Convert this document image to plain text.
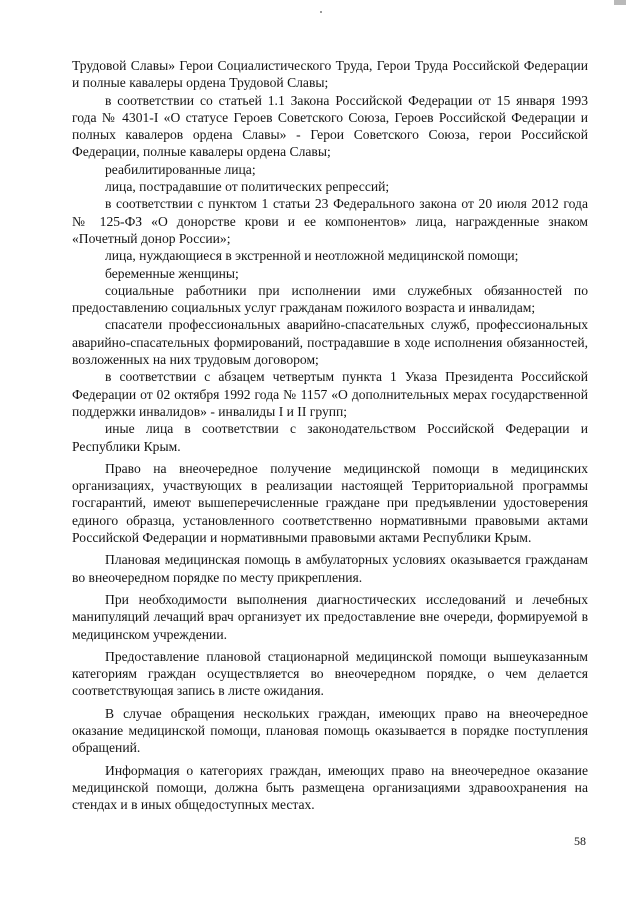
Трудовой Славы» Герои Социалистического Труда, Герои Труда Российской Федерации и полные кавалеры ордена Трудовой Славы;

в соответствии со статьей 1.1 Закона Российской Федерации от 15 января 1993 года № 4301-I «О статусе Героев Советского Союза, Героев Российской Федерации и полных кавалеров ордена Славы» - Герои Советского Союза, герои Российской Федерации, полные кавалеры ордена Славы;

реабилитированные лица;

лица, пострадавшие от политических репрессий;

в соответствии с пунктом 1 статьи 23 Федерального закона от 20 июля 2012 года № 125-ФЗ «О донорстве крови и ее компонентов» лица, награжденные знаком «Почетный донор России»;

лица, нуждающиеся в экстренной и неотложной медицинской помощи;

беременные женщины;

социальные работники при исполнении ими служебных обязанностей по предоставлению социальных услуг гражданам пожилого возраста и инвалидам;

спасатели профессиональных аварийно-спасательных служб, профессиональных аварийно-спасательных формирований, пострадавшие в ходе исполнения обязанностей, возложенных на них трудовым договором;

в соответствии с абзацем четвертым пункта 1 Указа Президента Российской Федерации от 02 октября 1992 года № 1157 «О дополнительных мерах государственной поддержки инвалидов» - инвалиды I и II групп;

иные лица в соответствии с законодательством Российской Федерации и Республики Крым.

Право на внеочередное получение медицинской помощи в медицинских организациях, участвующих в реализации настоящей Территориальной программы госгарантий, имеют вышеперечисленные граждане при предъявлении удостоверения единого образца, установленного соответственно нормативными правовыми актами Российской Федерации и нормативными правовыми актами Республики Крым.

Плановая медицинская помощь в амбулаторных условиях оказывается гражданам во внеочередном порядке по месту прикрепления.

При необходимости выполнения диагностических исследований и лечебных манипуляций лечащий врач организует их предоставление вне очереди, формируемой в медицинском учреждении.

Предоставление плановой стационарной медицинской помощи вышеуказанным категориям граждан осуществляется во внеочередном порядке, о чем делается соответствующая запись в листе ожидания.

В случае обращения нескольких граждан, имеющих право на внеочередное оказание медицинской помощи, плановая помощь оказывается в порядке поступления обращений.

Информация о категориях граждан, имеющих право на внеочередное оказание медицинской помощи, должна быть размещена организациями здравоохранения на стендах и в иных общедоступных местах.

58
